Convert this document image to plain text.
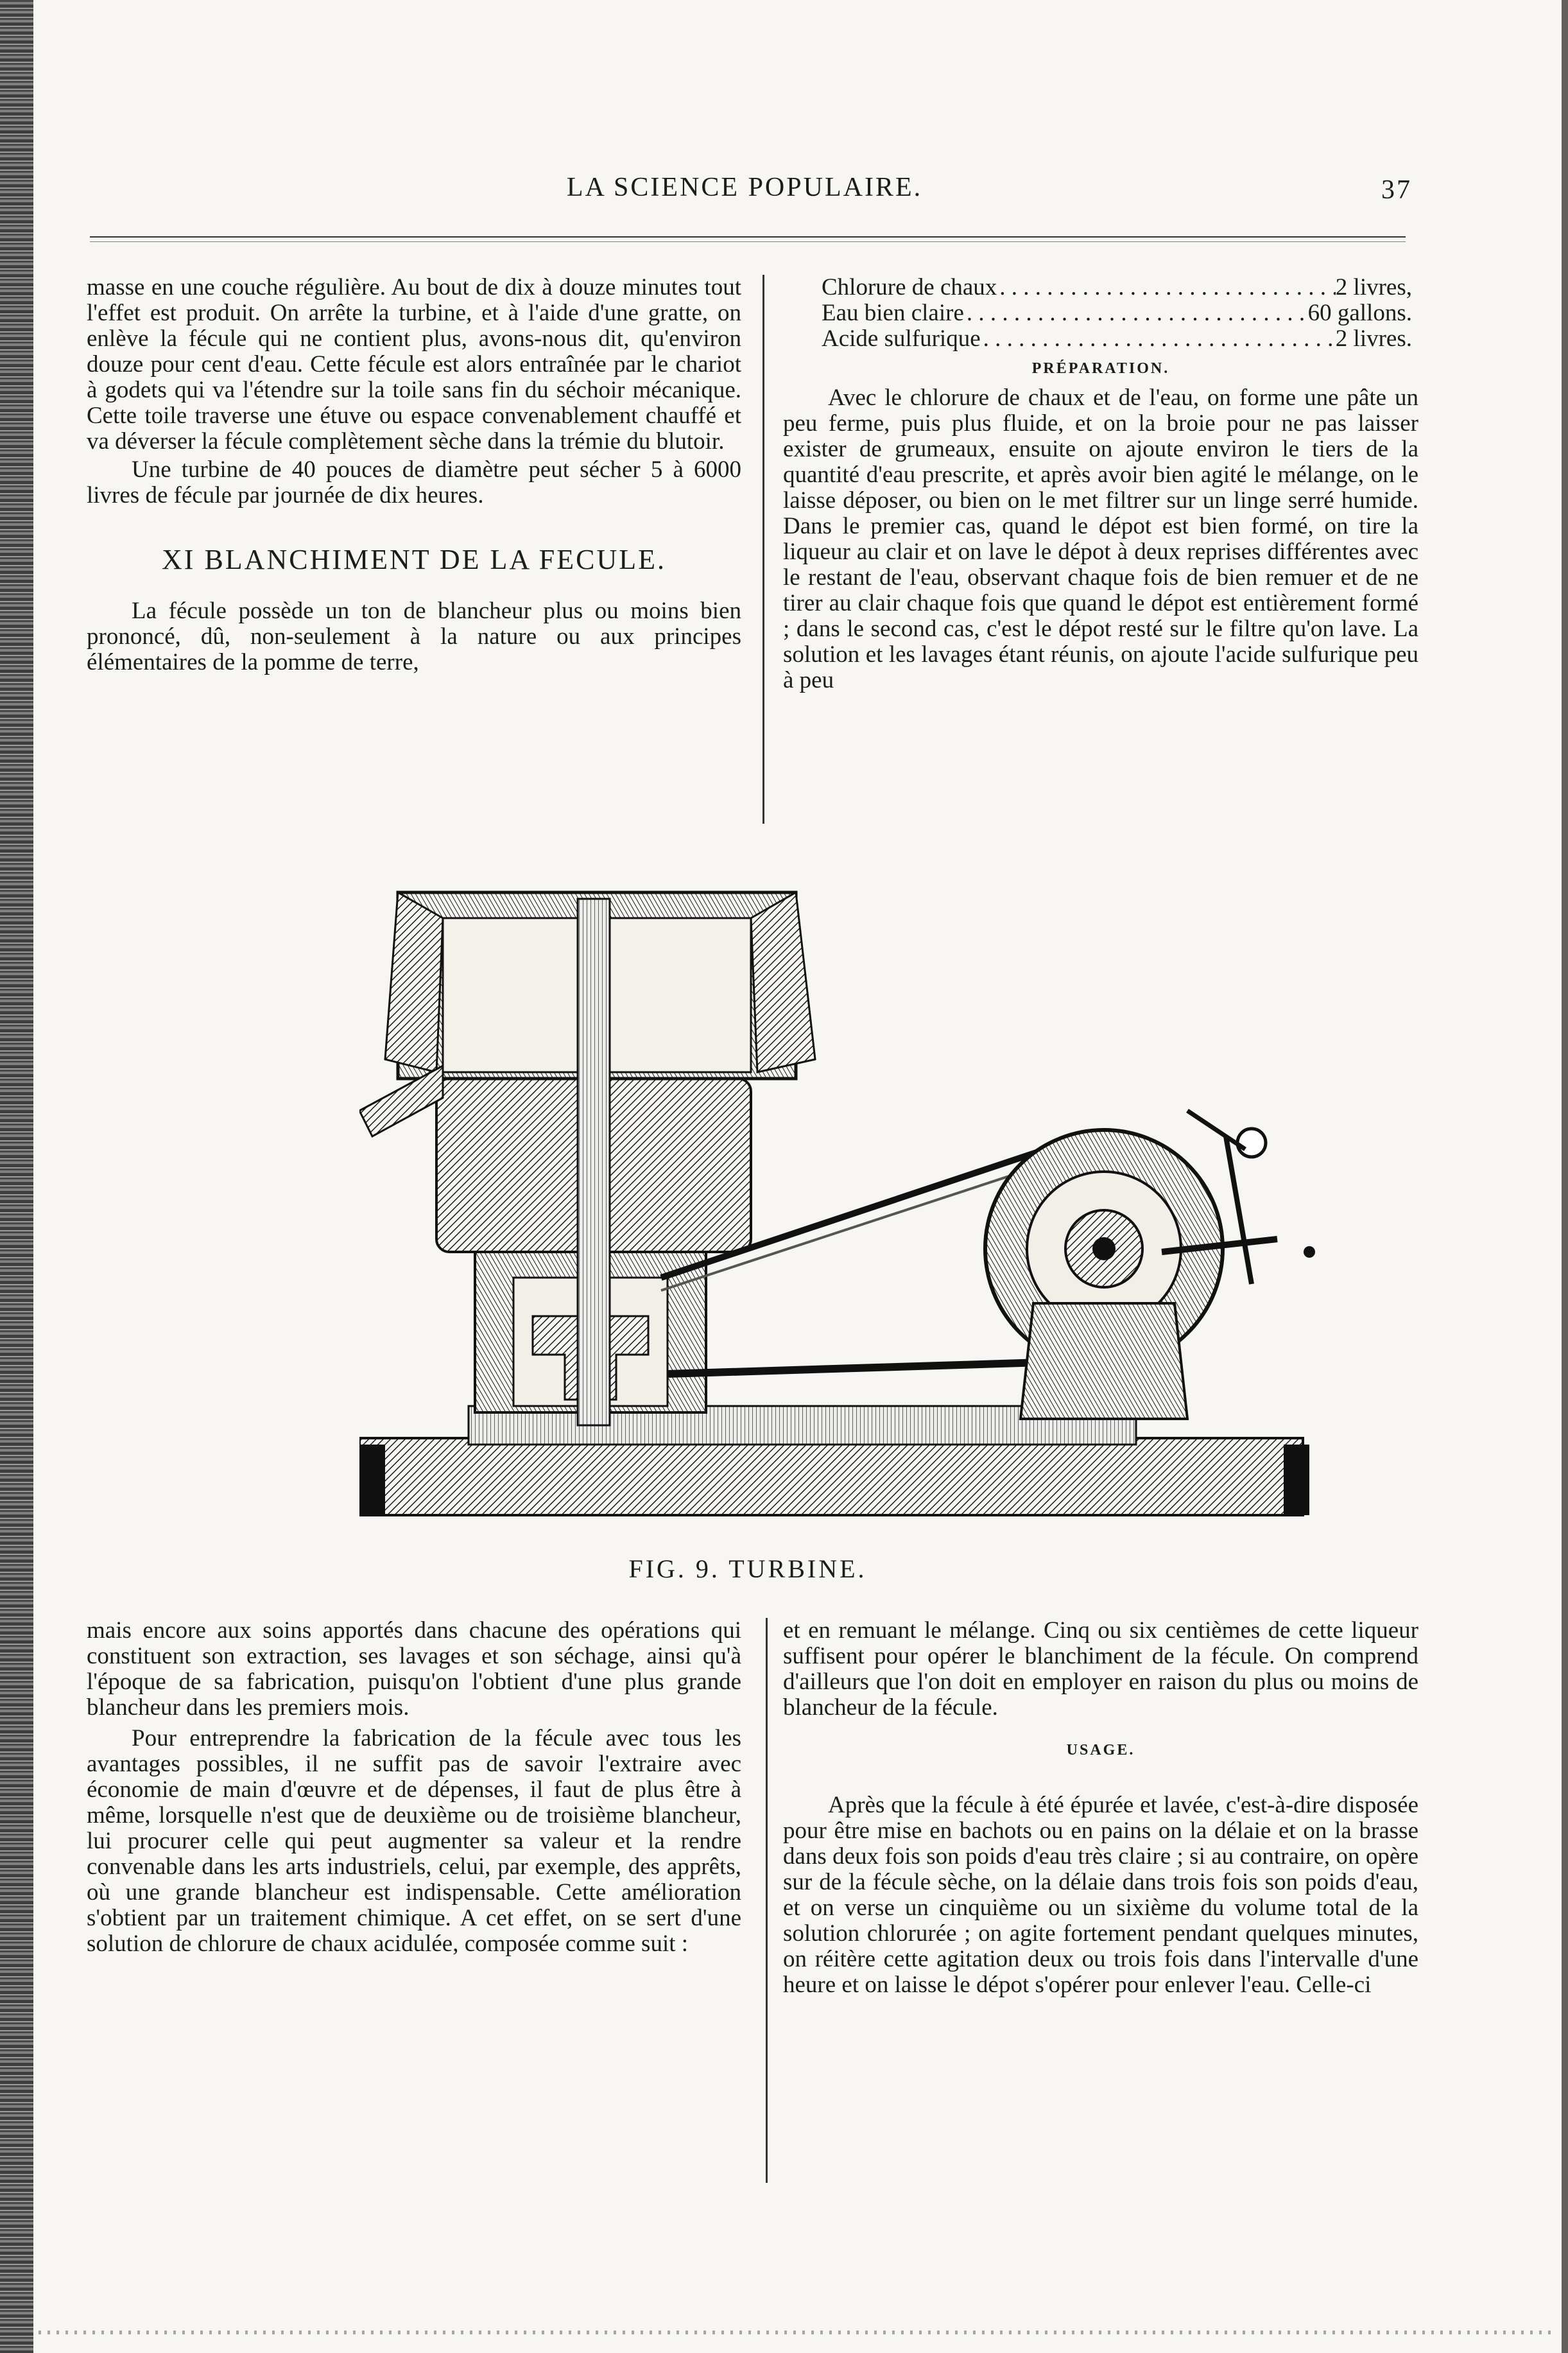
LA SCIENCE POPULAIRE.	37

masse en une couche régulière. Au bout de dix à douze minutes tout l'effet est produit. On arrête la turbine, et à l'aide d'une gratte, on enlève la fécule qui ne contient plus, avons-nous dit, qu'environ douze pour cent d'eau. Cette fécule est alors entraînée par le chariot à godets qui va l'étendre sur la toile sans fin du séchoir mécanique. Cette toile traverse une étuve ou espace convenablement chauffé et va déverser la fécule complètement sèche dans la trémie du blutoir.

Une turbine de 40 pouces de diamètre peut sécher 5 à 6000 livres de fécule par journée de dix heures.

XI BLANCHIMENT DE LA FECULE.

La fécule possède un ton de blancheur plus ou moins bien prononcé, dû, non-seulement à la nature ou aux principes élémentaires de la pomme de terre,

Chlorure de chaux . . .	2 livres,
Eau bien claire . . .	60 gallons.
Acide sulfurique . . .	2 livres.
PRÉPARATION.

Avec le chlorure de chaux et de l'eau, on forme une pâte un peu ferme, puis plus fluide, et on la broie pour ne pas laisser exister de grumeaux, ensuite on ajoute environ le tiers de la quantité d'eau prescrite, et après avoir bien agité le mélange, on le laisse déposer, ou bien on le met filtrer sur un linge serré humide. Dans le premier cas, quand le dépot est bien formé, on tire la liqueur au clair et on lave le dépot à deux reprises différentes avec le restant de l'eau, observant chaque fois de bien remuer et de ne tirer au clair chaque fois que quand le dépot est entièrement formé ; dans le second cas, c'est le dépot resté sur le filtre qu'on lave. La solution et les lavages étant réunis, on ajoute l'acide sulfurique peu à peu

FIG. 9. TURBINE.

mais encore aux soins apportés dans chacune des opérations qui constituent son extraction, ses lavages et son séchage, ainsi qu'à l'époque de sa fabrication, puisqu'on l'obtient d'une plus grande blancheur dans les premiers mois.

Pour entreprendre la fabrication de la fécule avec tous les avantages possibles, il ne suffit pas de savoir l'extraire avec économie de main d'œuvre et de dépenses, il faut de plus être à même, lorsquelle n'est que de deuxième ou de troisième blancheur, lui procurer celle qui peut augmenter sa valeur et la rendre convenable dans les arts industriels, celui, par exemple, des apprêts, où une grande blancheur est indispensable. Cette amélioration s'obtient par un traitement chimique. A cet effet, on se sert d'une solution de chlorure de chaux acidulée, composée comme suit :

et en remuant le mélange. Cinq ou six centièmes de cette liqueur suffisent pour opérer le blanchiment de la fécule. On comprend d'ailleurs que l'on doit en employer en raison du plus ou moins de blancheur de la fécule.

USAGE.

Après que la fécule à été épurée et lavée, c'est-à-dire disposée pour être mise en bachots ou en pains on la délaie et on la brasse dans deux fois son poids d'eau très claire ; si au contraire, on opère sur de la fécule sèche, on la délaie dans trois fois son poids d'eau, et on verse un cinquième ou un sixième du volume total de la solution chlorurée ; on agite fortement pendant quelques minutes, on réitère cette agitation deux ou trois fois dans l'intervalle d'une heure et on laisse le dépot s'opérer pour enlever l'eau. Celle-ci
